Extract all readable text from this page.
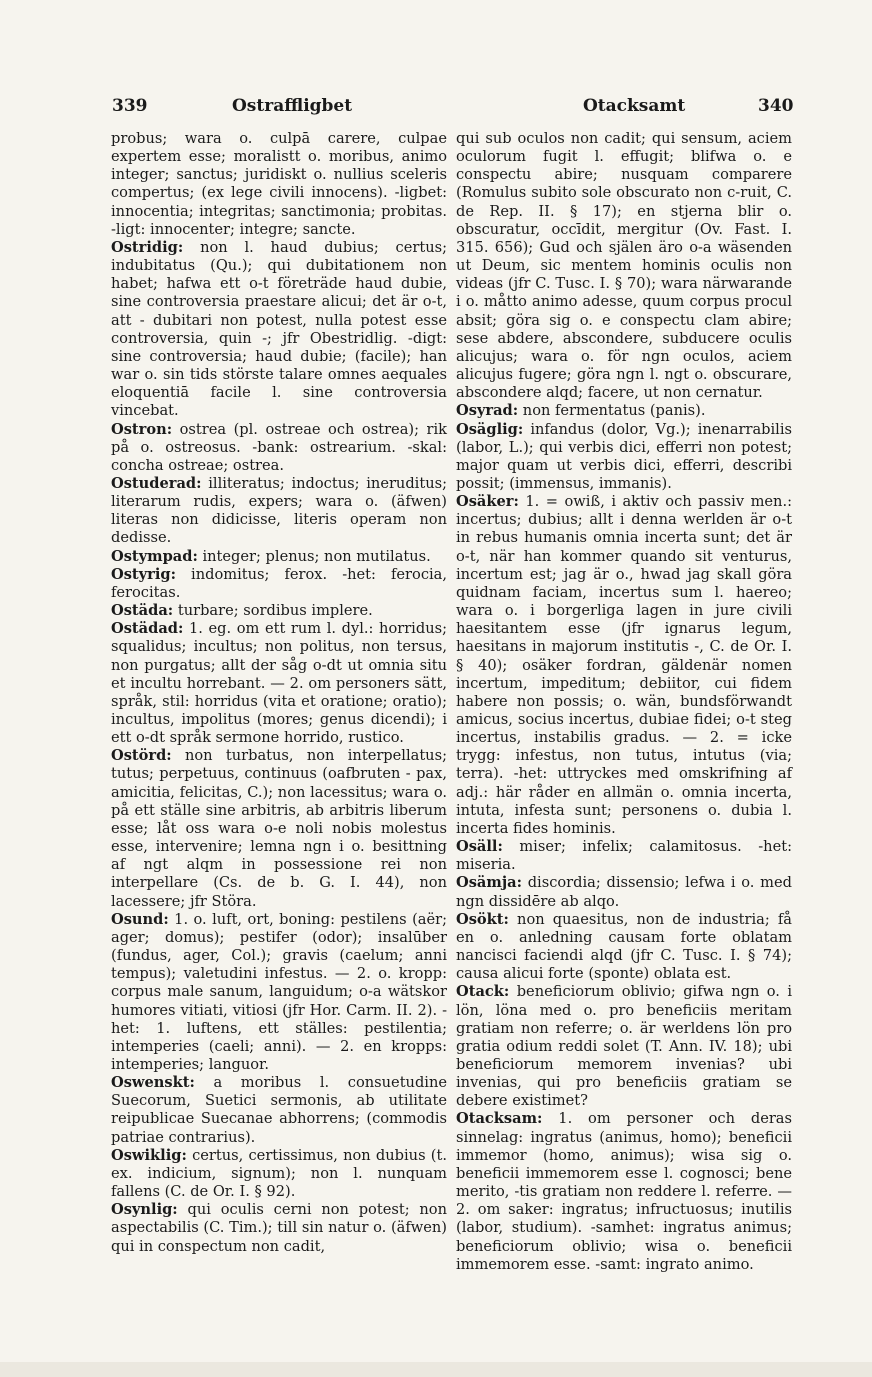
339	Ostraffligbet	Otacksamt	340

probus; wara o. culpā carere, culpae expertem esse; moralistt o. moribus, animo integer; sanctus; juridiskt o. nullius sceleris compertus; (ex lege civili innocens). -ligbet: innocentia; integritas; sanctimonia; probitas. -ligt: innocenter; integre; sancte.

Ostridig: non l. haud dubius; certus; indubitatus (Qu.); qui dubitationem non habet; hafwa ett o-t företräde haud dubie, sine controversia praestare alicui; det är o-t, att - dubitari non potest, nulla potest esse controversia, quin -; jfr Obestridlig. -digt: sine controversia; haud dubie; (facile); han war o. sin tids störste talare omnes aequales eloquentiā facile l. sine controversia vincebat.

Ostron: ostrea (pl. ostreae och ostrea); rik på o. ostreosus. -bank: ostrearium. -skal: concha ostreae; ostrea.

Ostuderad: illiteratus; indoctus; ineruditus; literarum rudis, expers; wara o. (äfwen) literas non didicisse, literis operam non dedisse.

Ostympad: integer; plenus; non mutilatus.

Ostyrig: indomitus; ferox. -het: ferocia, ferocitas.

Ostäda: turbare; sordibus implere.

Ostädad: 1. eg. om ett rum l. dyl.: horridus; squalidus; incultus; non politus, non tersus, non purgatus; allt der såg o-dt ut omnia situ et incultu horrebant. — 2. om personers sätt, språk, stil: horridus (vita et oratione; oratio); incultus, impolitus (mores; genus dicendi); i ett o-dt språk sermone horrido, rustico.

Ostörd: non turbatus, non interpellatus; tutus; perpetuus, continuus (oafbruten - pax, amicitia, felicitas, C.); non lacessitus; wara o. på ett ställe sine arbitris, ab arbitris liberum esse; låt oss wara o-e noli nobis molestus esse, intervenire; lemna ngn i o. besittning af ngt alqm in possessione rei non interpellare (Cs. de b. G. I. 44), non lacessere; jfr Störa.

Osund: 1. o. luft, ort, boning: pestilens (aër; ager; domus); pestifer (odor); insalūber (fundus, ager, Col.); gravis (caelum; anni tempus); valetudini infestus. — 2. o. kropp: corpus male sanum, languidum; o-a wätskor humores vitiati, vitiosi (jfr Hor. Carm. II. 2). -het: 1. luftens, ett ställes: pestilentia; intemperies (caeli; anni). — 2. en kropps: intemperies; languor.

Oswenskt: a moribus l. consuetudine Suecorum, Suetici sermonis, ab utilitate reipublicae Suecanae abhorrens; (commodis patriae contrarius).

Oswiklig: certus, certissimus, non dubius (t. ex. indicium, signum); non l. nunquam fallens (C. de Or. I. § 92).

Osynlig: qui oculis cerni non potest; non aspectabilis (C. Tim.); till sin natur o. (äfwen) qui in conspectum non cadit,

qui sub oculos non cadit; qui sensum, aciem oculorum fugit l. effugit; blifwa o. e conspectu abire; nusquam comparere (Romulus subito sole obscurato non c-ruit, C. de Rep. II. § 17); en stjerna blir o. obscuratur, occīdit, mergitur (Ov. Fast. I. 315. 656); Gud och själen äro o-a wäsenden ut Deum, sic mentem hominis oculis non videas (jfr C. Tusc. I. § 70); wara närwarande i o. måtto animo adesse, quum corpus procul absit; göra sig o. e conspectu clam abire; sese abdere, abscondere, subducere oculis alicujus; wara o. för ngn oculos, aciem alicujus fugere; göra ngn l. ngt o. obscurare, abscondere alqd; facere, ut non cernatur.

Osyrad: non fermentatus (panis).

Osäglig: infandus (dolor, Vg.); inenarrabilis (labor, L.); qui verbis dici, efferri non potest; major quam ut verbis dici, efferri, describi possit; (immensus, immanis).

Osäker: 1. = owiß, i aktiv och passiv men.: incertus; dubius; allt i denna werlden är o-t in rebus humanis omnia incerta sunt; det är o-t, när han kommer quando sit venturus, incertum est; jag är o., hwad jag skall göra quidnam faciam, incertus sum l. haereo; wara o. i borgerliga lagen in jure civili haesitantem esse (jfr ignarus legum, haesitans in majorum institutis -, C. de Or. I. § 40); osäker fordran, gäldenär nomen incertum, impeditum; debiitor, cui fidem habere non possis; o. wän, bundsförwandt amicus, socius incertus, dubiae fidei; o-t steg incertus, instabilis gradus. — 2. = icke trygg: infestus, non tutus, intutus (via; terra). -het: uttryckes med omskrifning af adj.: här råder en allmän o. omnia incerta, intuta, infesta sunt; personens o. dubia l. incerta fides hominis.

Osäll: miser; infelix; calamitosus. -het: miseria.

Osämja: discordia; dissensio; lefwa i o. med ngn dissidēre ab alqo.

Osökt: non quaesitus, non de industria; få en o. anledning causam forte oblatam nancisci faciendi alqd (jfr C. Tusc. I. § 74); causa alicui forte (sponte) oblata est.

Otack: beneficiorum oblivio; gifwa ngn o. i lön, löna med o. pro beneficiis meritam gratiam non referre; o. är werldens lön pro gratia odium reddi solet (T. Ann. IV. 18); ubi beneficiorum memorem invenias? ubi invenias, qui pro beneficiis gratiam se debere existimet?

Otacksam: 1. om personer och deras sinnelag: ingratus (animus, homo); beneficii immemor (homo, animus); wisa sig o. beneficii immemorem esse l. cognosci; bene merito, -tis gratiam non reddere l. referre. — 2. om saker: ingratus; infructuosus; inutilis (labor, studium). -samhet: ingratus animus; beneficiorum oblivio; wisa o. beneficii immemorem esse. -samt: ingrato animo.
